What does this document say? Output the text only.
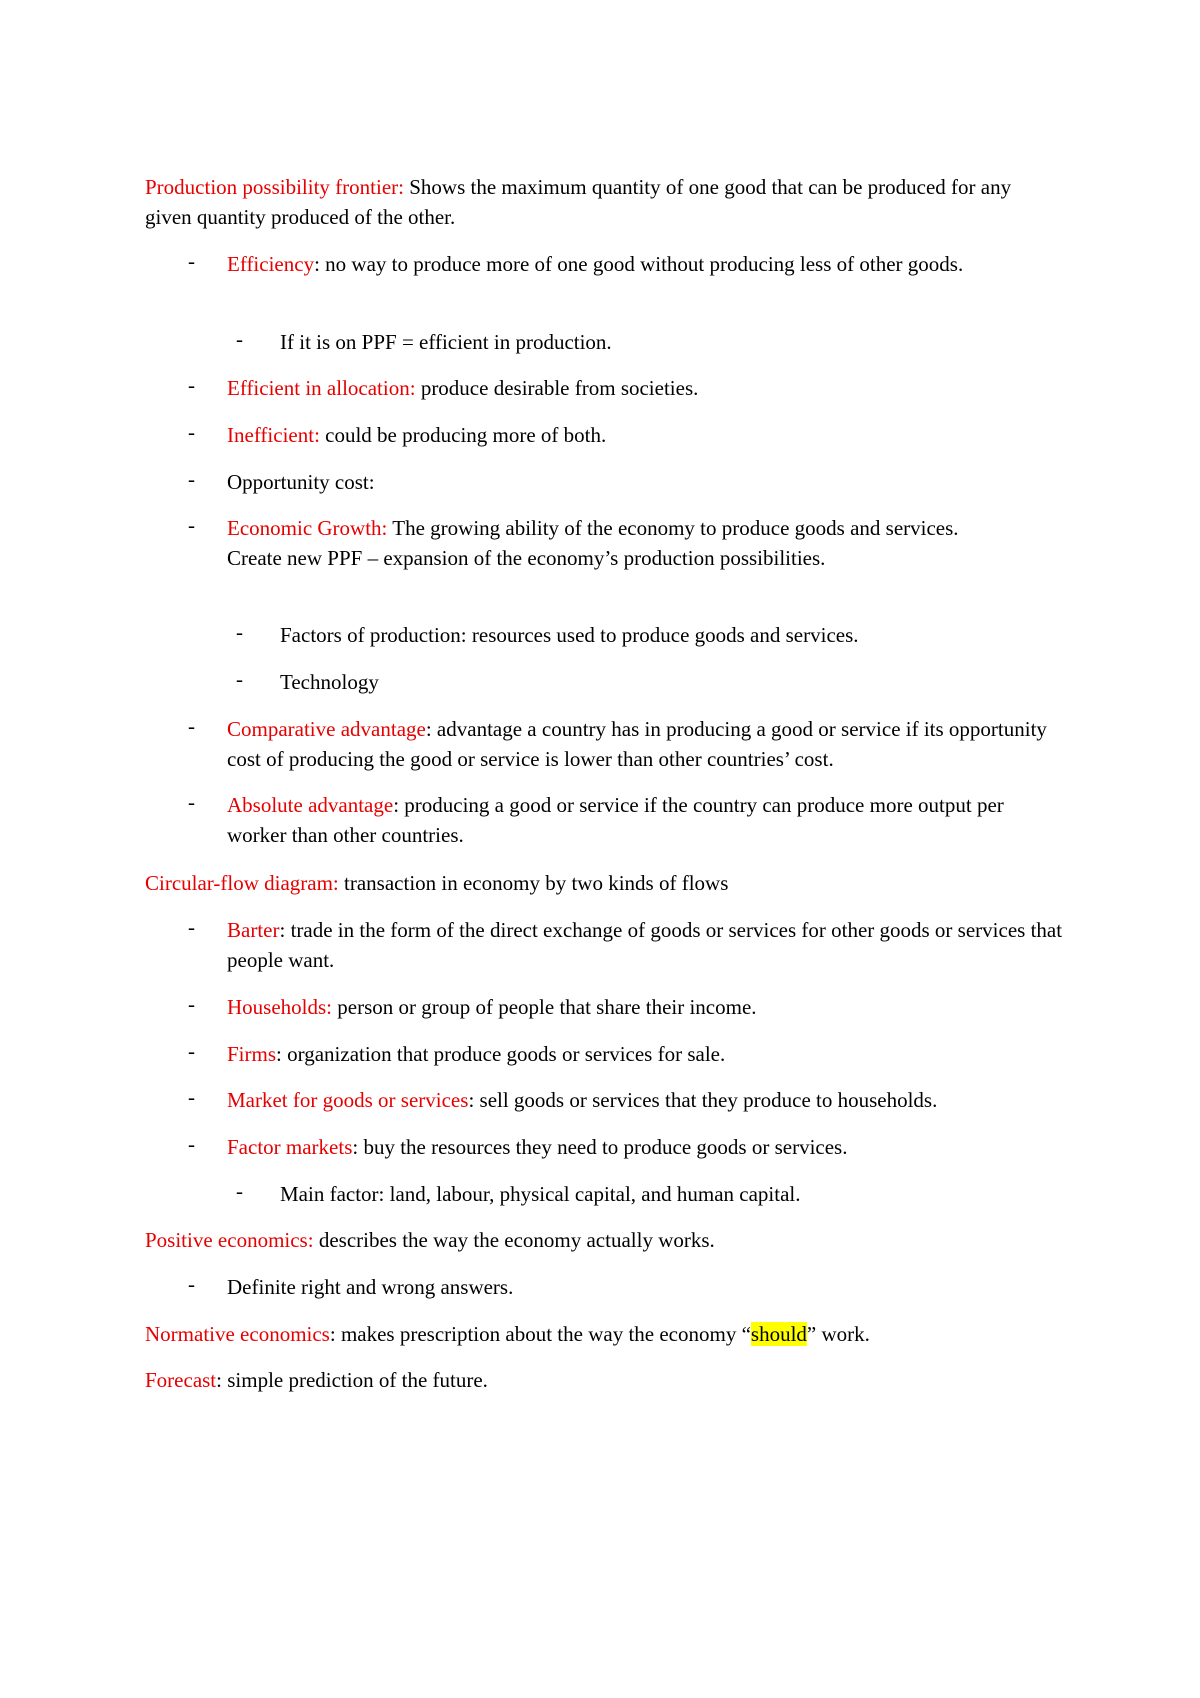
Production possibility frontier: Shows the maximum quantity of one good that can be produced for any given quantity produced of the other.

- Efficiency: no way to produce more of one good without producing less of other goods.

- If it is on PPF = efficient in production.

- Efficient in allocation: produce desirable from societies.

- Inefficient: could be producing more of both.

- Opportunity cost:

- Economic Growth: The growing ability of the economy to produce goods and services.
Create new PPF – expansion of the economy’s production possibilities.

- Factors of production: resources used to produce goods and services.

- Technology

- Comparative advantage: advantage a country has in producing a good or service if its opportunity cost of producing the good or service is lower than other countries’ cost.

- Absolute advantage: producing a good or service if the country can produce more output per worker than other countries.

Circular-flow diagram: transaction in economy by two kinds of flows

- Barter: trade in the form of the direct exchange of goods or services for other goods or services that people want.

- Households: person or group of people that share their income.

- Firms: organization that produce goods or services for sale.

- Market for goods or services: sell goods or services that they produce to households.

- Factor markets: buy the resources they need to produce goods or services.

- Main factor: land, labour, physical capital, and human capital.

Positive economics: describes the way the economy actually works.

- Definite right and wrong answers.

Normative economics: makes prescription about the way the economy “should” work.

Forecast: simple prediction of the future.
